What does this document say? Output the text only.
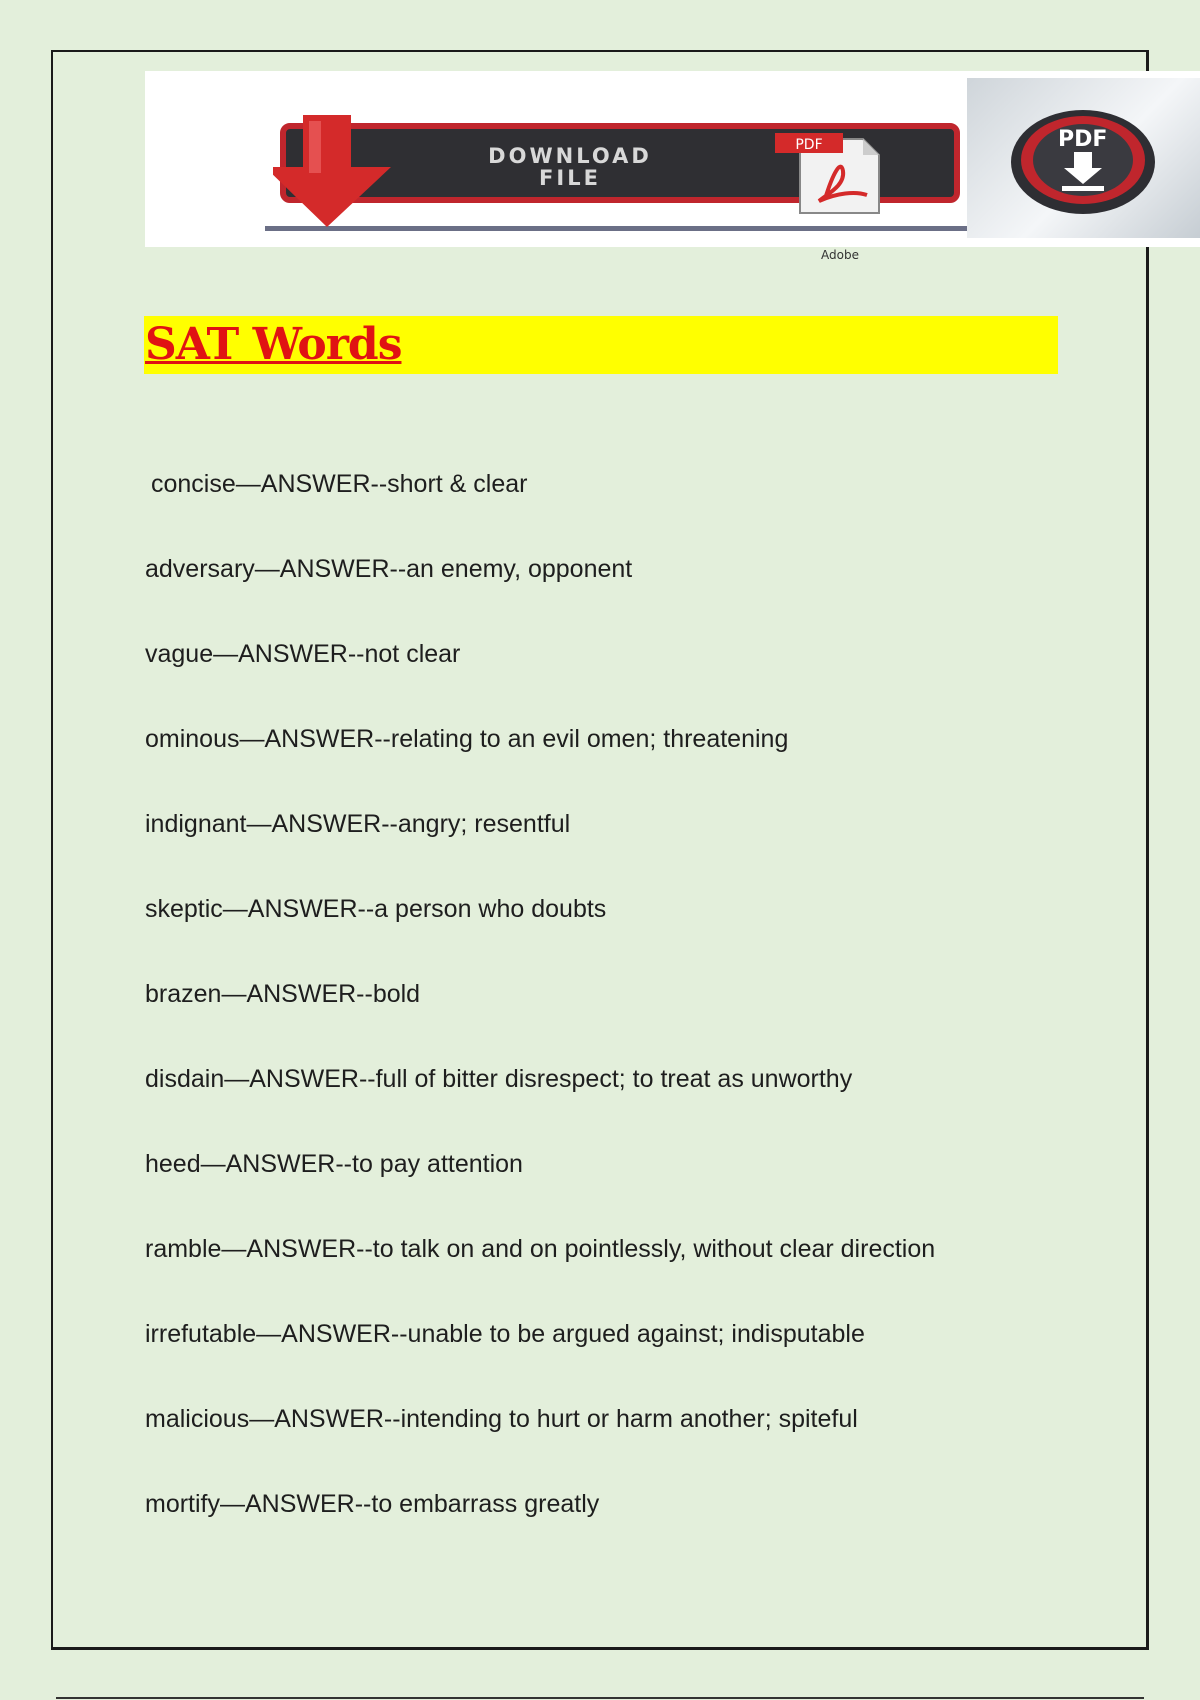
DOWNLOAD
FILE
PDF
Adobe
PDF
SAT Words
concise—ANSWER--short & clear
adversary—ANSWER--an enemy, opponent
vague—ANSWER--not clear
ominous—ANSWER--relating to an evil omen; threatening
indignant—ANSWER--angry; resentful
skeptic—ANSWER--a person who doubts
brazen—ANSWER--bold
disdain—ANSWER--full of bitter disrespect; to treat as unworthy
heed—ANSWER--to pay attention
ramble—ANSWER--to talk on and on pointlessly, without clear direction
irrefutable—ANSWER--unable to be argued against; indisputable
malicious—ANSWER--intending to hurt or harm another; spiteful
mortify—ANSWER--to embarrass greatly
